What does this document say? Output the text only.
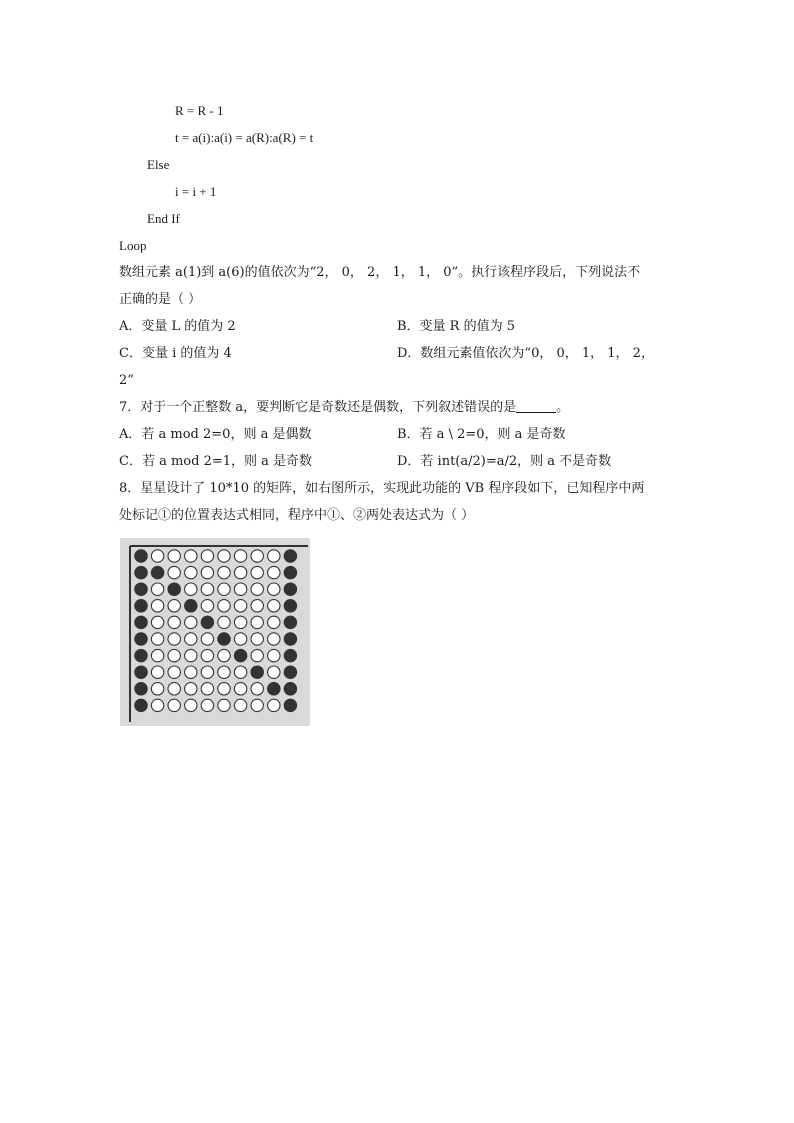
R = R - 1
t = a(i):a(i) = a(R):a(R) = t
Else
i = i + 1
End If
Loop
数组元素 a(1)到 a(6)的值依次为“2， 0， 2， 1， 1， 0”。执行该程序段后，下列说法不
正确的是（ ）
A．变量 L 的值为 2	B．变量 R 的值为 5
C．变量 i 的值为 4	D．数组元素值依次为“0， 0， 1， 1， 2，
2”
7．对于一个正整数 a，要判断它是奇数还是偶数，下列叙述错误的是	。
A．若 a mod 2=0，则 a 是偶数	B．若 a \ 2=0，则 a 是奇数
C．若 a mod 2=1，则 a 是奇数	D．若 int(a/2)=a/2，则 a 不是奇数
8．星星设计了 10*10 的矩阵，如右图所示，实现此功能的 VB 程序段如下，已知程序中两
处标记①的位置表达式相同，程序中①、②两处表达式为（ ）
